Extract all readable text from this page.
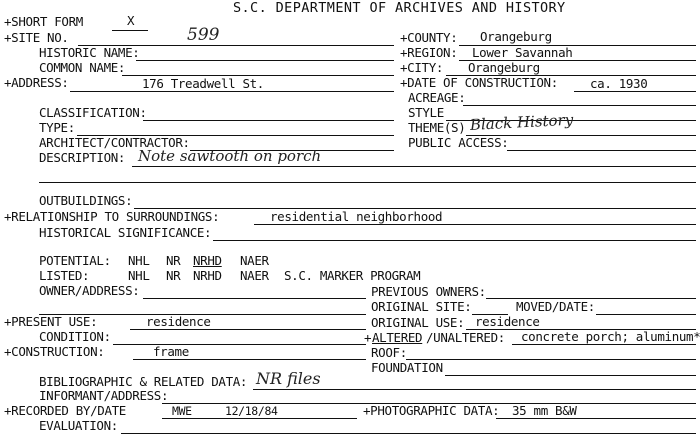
S.C. DEPARTMENT OF ARCHIVES AND HISTORY
+SHORT FORM	X
+SITE NO.	599	+COUNTY: Orangeburg
HISTORIC NAME:	+REGION: Lower Savannah
COMMON NAME:	+CITY: Orangeburg
+ADDRESS:	176 Treadwell St.	+DATE OF CONSTRUCTION:	ca. 1930
ACREAGE:
CLASSIFICATION:	STYLE
TYPE:	THEME(S) Black History
ARCHITECT/CONTRACTOR:	PUBLIC ACCESS:
DESCRIPTION: Note sawtooth on porch
OUTBUILDINGS:
+RELATIONSHIP TO SURROUNDINGS:	residential neighborhood
HISTORICAL SIGNIFICANCE:
POTENTIAL: NHL NR NRHD NAER
LISTED:	NHL NR NRHD NAER S.C. MARKER PROGRAM
OWNER/ADDRESS:	PREVIOUS OWNERS:
ORIGINAL SITE:	MOVED/DATE:
+PRESENT USE:	residence	ORIGINAL USE: residence
CONDITION:	+ ALTERED /UNALTERED: concrete porch; aluminum*
+CONSTRUCTION:	frame	ROOF:
FOUNDATION
BIBLIOGRAPHIC & RELATED DATA: NR files
INFORMANT/ADDRESS:
+RECORDED BY/DATE	MWE	12/18/84	+PHOTOGRAPHIC DATA: 35 mm B&W
EVALUATION:
